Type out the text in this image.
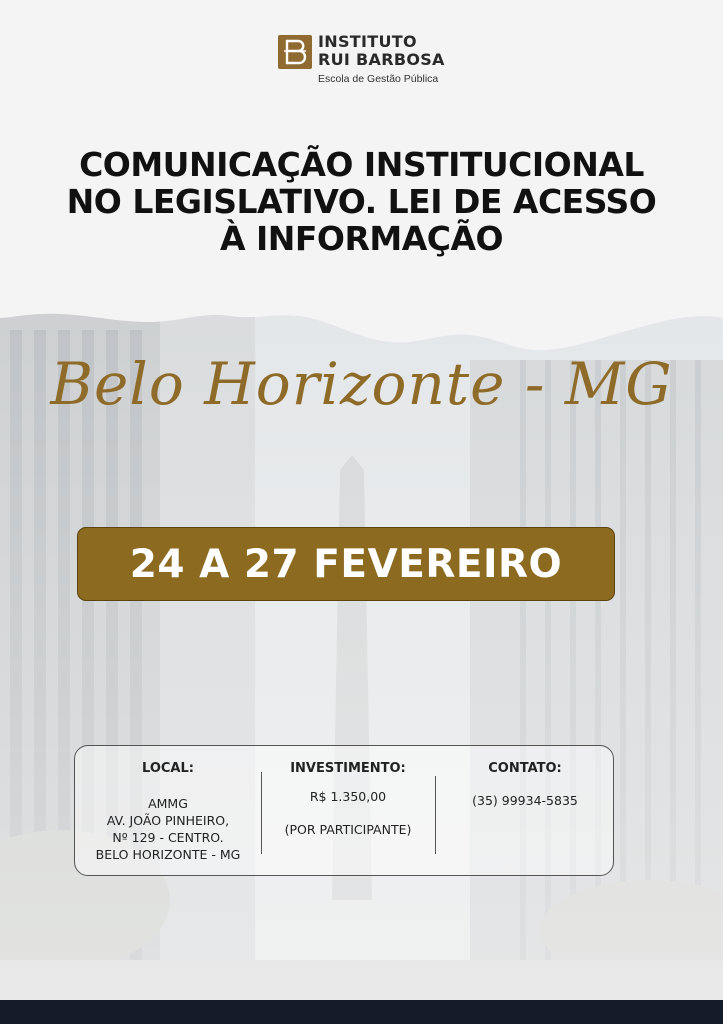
INSTITUTO
RUI BARBOSA
Escola de Gestão Pública
COMUNICAÇÃO INSTITUCIONAL
NO LEGISLATIVO. LEI DE ACESSO
À INFORMAÇÃO
Belo Horizonte - MG
24 A 27 FEVEREIRO
LOCAL:
AMMG
AV. JOÃO PINHEIRO,
Nº 129 - CENTRO.
BELO HORIZONTE - MG
INVESTIMENTO:
R$ 1.350,00
(POR PARTICIPANTE)
CONTATO:
(35) 99934-5835
